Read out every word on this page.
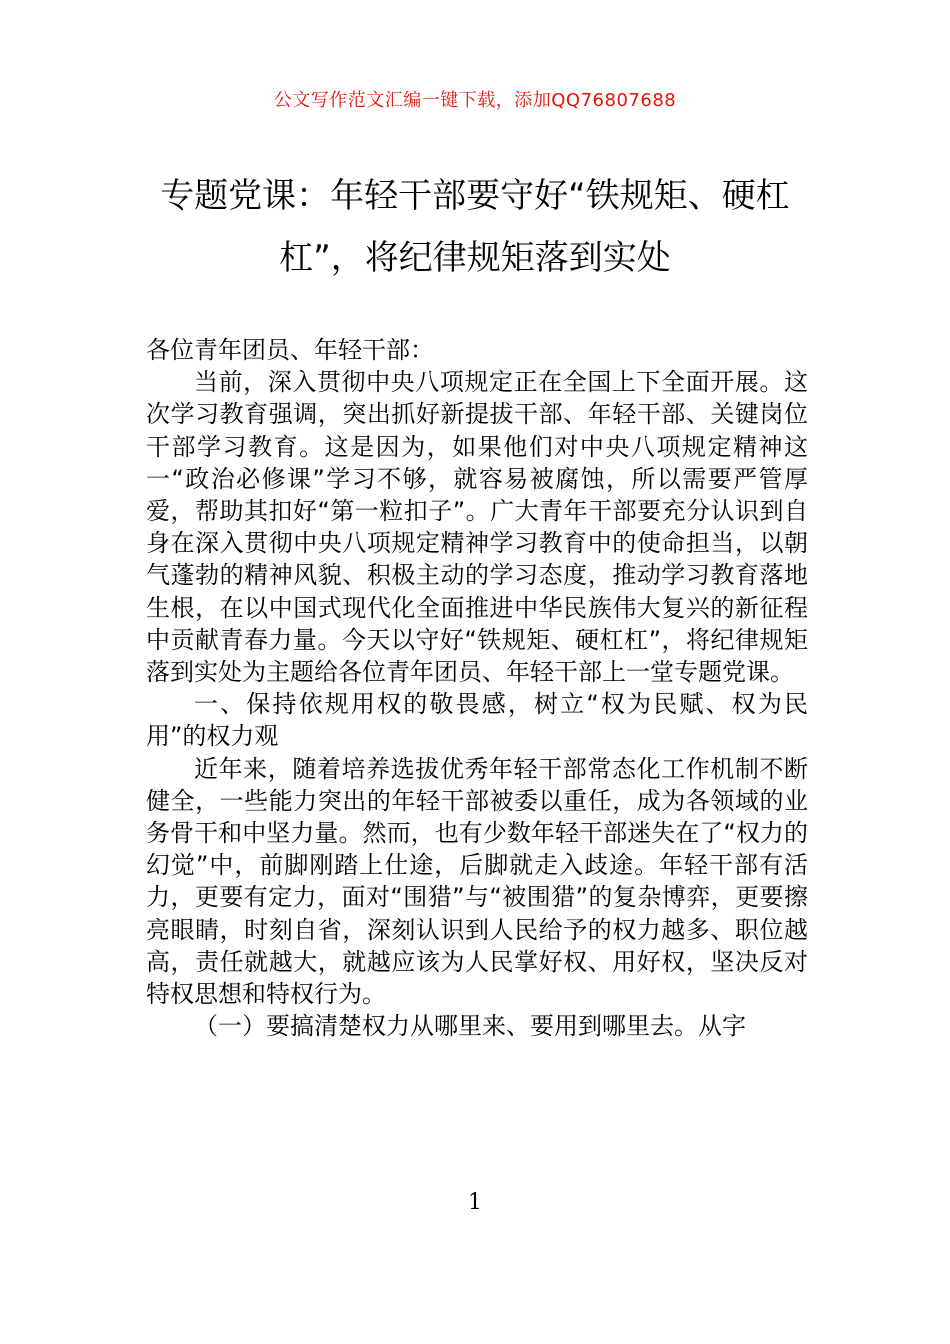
公文写作范文汇编一键下载，添加QQ76807688
专题党课：年轻干部要守好“铁规矩、硬杠杠”，将纪律规矩落到实处

各位青年团员、年轻干部：

当前，深入贯彻中央八项规定正在全国上下全面开展。这次学习教育强调，突出抓好新提拔干部、年轻干部、关键岗位干部学习教育。这是因为，如果他们对中央八项规定精神这一“政治必修课”学习不够，就容易被腐蚀，所以需要严管厚爱，帮助其扣好“第一粒扣子”。广大青年干部要充分认识到自身在深入贯彻中央八项规定精神学习教育中的使命担当，以朝气蓬勃的精神风貌、积极主动的学习态度，推动学习教育落地生根，在以中国式现代化全面推进中华民族伟大复兴的新征程中贡献青春力量。今天以守好“铁规矩、硬杠杠”，将纪律规矩落到实处为主题给各位青年团员、年轻干部上一堂专题党课。

一、保持依规用权的敬畏感，树立“权为民赋、权为民用”的权力观

近年来，随着培养选拔优秀年轻干部常态化工作机制不断健全，一些能力突出的年轻干部被委以重任，成为各领域的业务骨干和中坚力量。然而，也有少数年轻干部迷失在了“权力的幻觉”中，前脚刚踏上仕途，后脚就走入歧途。年轻干部有活力，更要有定力，面对“围猎”与“被围猎”的复杂博弈，更要擦亮眼睛，时刻自省，深刻认识到人民给予的权力越多、职位越高，责任就越大，就越应该为人民掌好权、用好权，坚决反对特权思想和特权行为。

（一）要搞清楚权力从哪里来、要用到哪里去。从字

1
